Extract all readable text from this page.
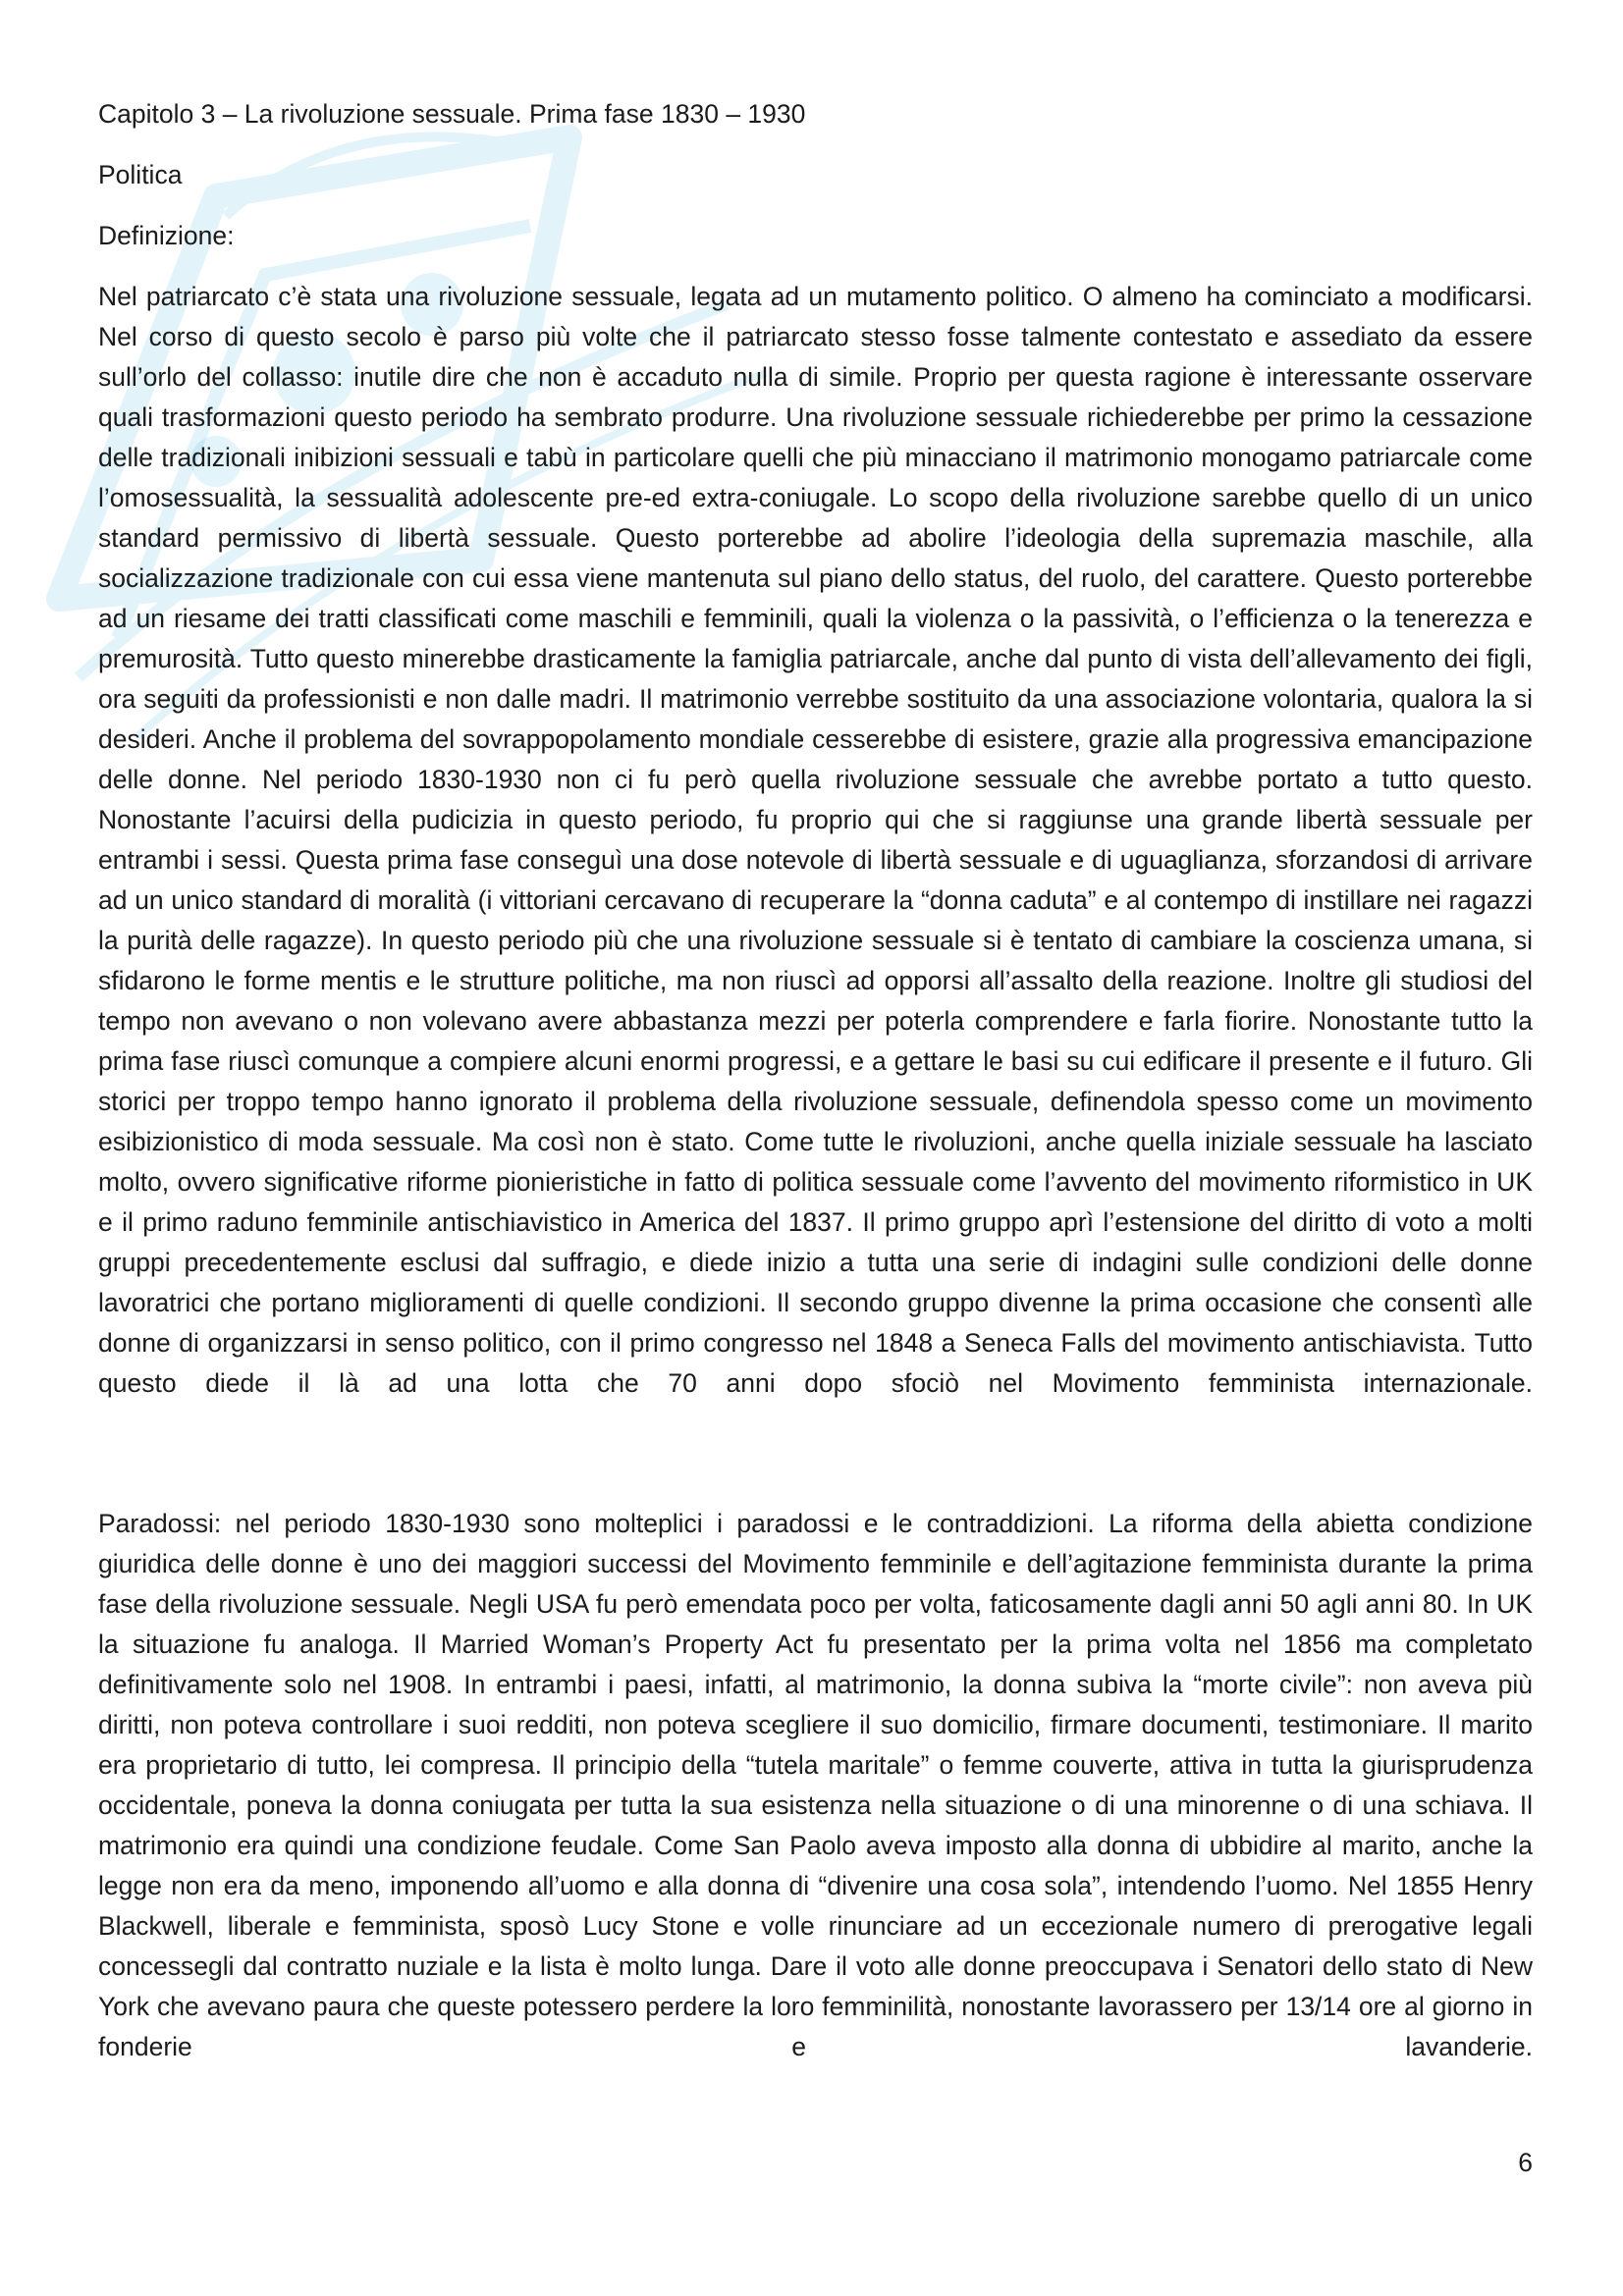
Capitolo 3 – La rivoluzione sessuale. Prima fase 1830 – 1930

Politica

Definizione:

Nel patriarcato c’è stata una rivoluzione sessuale, legata ad un mutamento politico. O almeno ha cominciato a modificarsi. Nel corso di questo secolo è parso più volte che il patriarcato stesso fosse talmente contestato e assediato da essere sull’orlo del collasso: inutile dire che non è accaduto nulla di simile. Proprio per questa ragione è interessante osservare quali trasformazioni questo periodo ha sembrato produrre. Una rivoluzione sessuale richiederebbe per primo la cessazione delle tradizionali inibizioni sessuali e tabù in particolare quelli che più minacciano il matrimonio monogamo patriarcale come l’omosessualità, la sessualità adolescente pre-ed extra-coniugale. Lo scopo della rivoluzione sarebbe quello di un unico standard permissivo di libertà sessuale. Questo porterebbe ad abolire l’ideologia della supremazia maschile, alla socializzazione tradizionale con cui essa viene mantenuta sul piano dello status, del ruolo, del carattere. Questo porterebbe ad un riesame dei tratti classificati come maschili e femminili, quali la violenza o la passività, o l’efficienza o la tenerezza e premurosità. Tutto questo minerebbe drasticamente la famiglia patriarcale, anche dal punto di vista dell’allevamento dei figli, ora seguiti da professionisti e non dalle madri. Il matrimonio verrebbe sostituito da una associazione volontaria, qualora la si desideri. Anche il problema del sovrappopolamento mondiale cesserebbe di esistere, grazie alla progressiva emancipazione delle donne. Nel periodo 1830-1930 non ci fu però quella rivoluzione sessuale che avrebbe portato a tutto questo. Nonostante l’acuirsi della pudicizia in questo periodo, fu proprio qui che si raggiunse una grande libertà sessuale per entrambi i sessi. Questa prima fase conseguì una dose notevole di libertà sessuale e di uguaglianza, sforzandosi di arrivare ad un unico standard di moralità (i vittoriani cercavano di recuperare la “donna caduta” e al contempo di instillare nei ragazzi la purità delle ragazze). In questo periodo più che una rivoluzione sessuale si è tentato di cambiare la coscienza umana, si sfidarono le forme mentis e le strutture politiche, ma non riuscì ad opporsi all’assalto della reazione. Inoltre gli studiosi del tempo non avevano o non volevano avere abbastanza mezzi per poterla comprendere e farla fiorire. Nonostante tutto la prima fase riuscì comunque a compiere alcuni enormi progressi, e a gettare le basi su cui edificare il presente e il futuro. Gli storici per troppo tempo hanno ignorato il problema della rivoluzione sessuale, definendola spesso come un movimento esibizionistico di moda sessuale. Ma così non è stato. Come tutte le rivoluzioni, anche quella iniziale sessuale ha lasciato molto, ovvero significative riforme pionieristiche in fatto di politica sessuale come l’avvento del movimento riformistico in UK e il primo raduno femminile antischiavistico in America del 1837. Il primo gruppo aprì l’estensione del diritto di voto a molti gruppi precedentemente esclusi dal suffragio, e diede inizio a tutta una serie di indagini sulle condizioni delle donne lavoratrici che portano miglioramenti di quelle condizioni. Il secondo gruppo divenne la prima occasione che consentì alle donne di organizzarsi in senso politico, con il primo congresso nel 1848 a Seneca Falls del movimento antischiavista. Tutto questo diede il là ad una lotta che 70 anni dopo sfociò nel Movimento femminista internazionale.

Paradossi: nel periodo 1830-1930 sono molteplici i paradossi e le contraddizioni. La riforma della abietta condizione giuridica delle donne è uno dei maggiori successi del Movimento femminile e dell’agitazione femminista durante la prima fase della rivoluzione sessuale. Negli USA fu però emendata poco per volta, faticosamente dagli anni 50 agli anni 80. In UK la situazione fu analoga. Il Married Woman’s Property Act fu presentato per la prima volta nel 1856 ma completato definitivamente solo nel 1908. In entrambi i paesi, infatti, al matrimonio, la donna subiva la “morte civile”: non aveva più diritti, non poteva controllare i suoi redditi, non poteva scegliere il suo domicilio, firmare documenti, testimoniare. Il marito era proprietario di tutto, lei compresa. Il principio della “tutela maritale” o femme couverte, attiva in tutta la giurisprudenza occidentale, poneva la donna coniugata per tutta la sua esistenza nella situazione o di una minorenne o di una schiava. Il matrimonio era quindi una condizione feudale. Come San Paolo aveva imposto alla donna di ubbidire al marito, anche la legge non era da meno, imponendo all’uomo e alla donna di “divenire una cosa sola”, intendendo l’uomo. Nel 1855 Henry Blackwell, liberale e femminista, sposò Lucy Stone e volle rinunciare ad un eccezionale numero di prerogative legali concessegli dal contratto nuziale e la lista è molto lunga. Dare il voto alle donne preoccupava i Senatori dello stato di New York che avevano paura che queste potessero perdere la loro femminilità, nonostante lavorassero per 13/14 ore al giorno in fonderie e lavanderie.

6
